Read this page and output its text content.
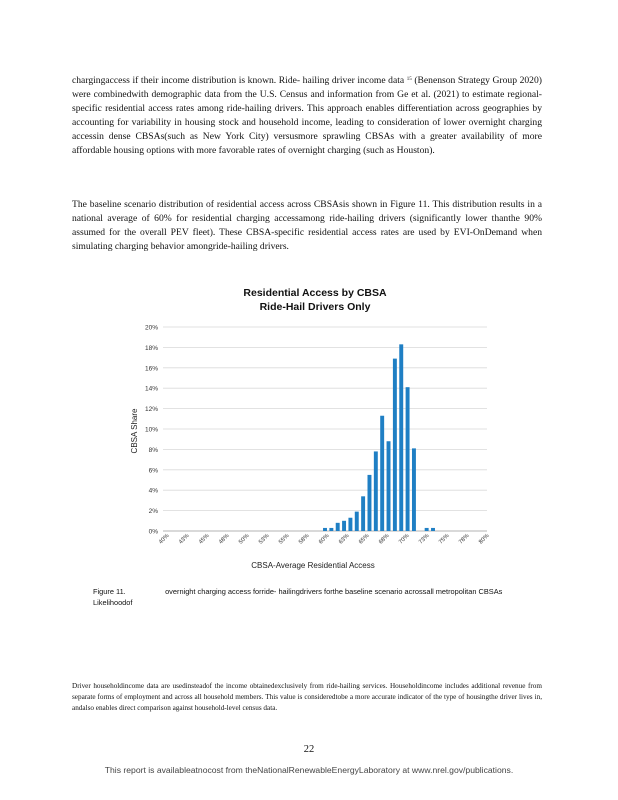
chargingaccess if their income distribution is known. Ride- hailing driver income data $^{15}$ (Benenson Strategy Group 2020) were combinedwith demographic data from the U.S. Census and information from Ge et al. (2021) to estimate regional- specific residential access rates among ride-hailing drivers. This approach enables differentiation across geographies by accounting for variability in housing stock and household income, leading to consideration of lower overnight charging accessin dense CBSAs(such as New York City) versusmore sprawling CBSAs with a greater availability of more affordable housing options with more favorable rates of overnight charging (such as Houston).

The baseline scenario distribution of residential access across CBSAsis shown in Figure 11. This distribution results in a national average of 60% for residential charging accessamong ride-hailing drivers (significantly lower thanthe 90% assumed for the overall PEV fleet). These CBSA-specific residential access rates are used by EVI-OnDemand when simulating charging behavior amongride-hailing drivers.

Residential Access by CBSA
Ride-Hail Drivers Only
0%
2%
4%
6%
8%
10%
12%
14%
16%
18%
20%
40% 43% 45% 48% 50% 53% 55% 58% 60% 63% 65% 68% 70% 73% 75% 78% 80%
CBSA Share
CBSA-Average Residential Access
Figure 11. Likelihoodof overnight charging access forride- hailingdrivers forthe baseline scenario acrossall metropolitan CBSAs

Driver householdincome data are usedinsteadof the income obtainedexclusively from ride-hailing services. Householdincome includes additional revenue from separate forms of employment and across all household members. This value is consideredtobe a more accurate indicator of the type of housingthe driver lives in, andalso enables direct comparison against household-level census data.

22
This report is availableatnocost from theNationalRenewableEnergyLaboratory at www.nrel.gov/publications.
